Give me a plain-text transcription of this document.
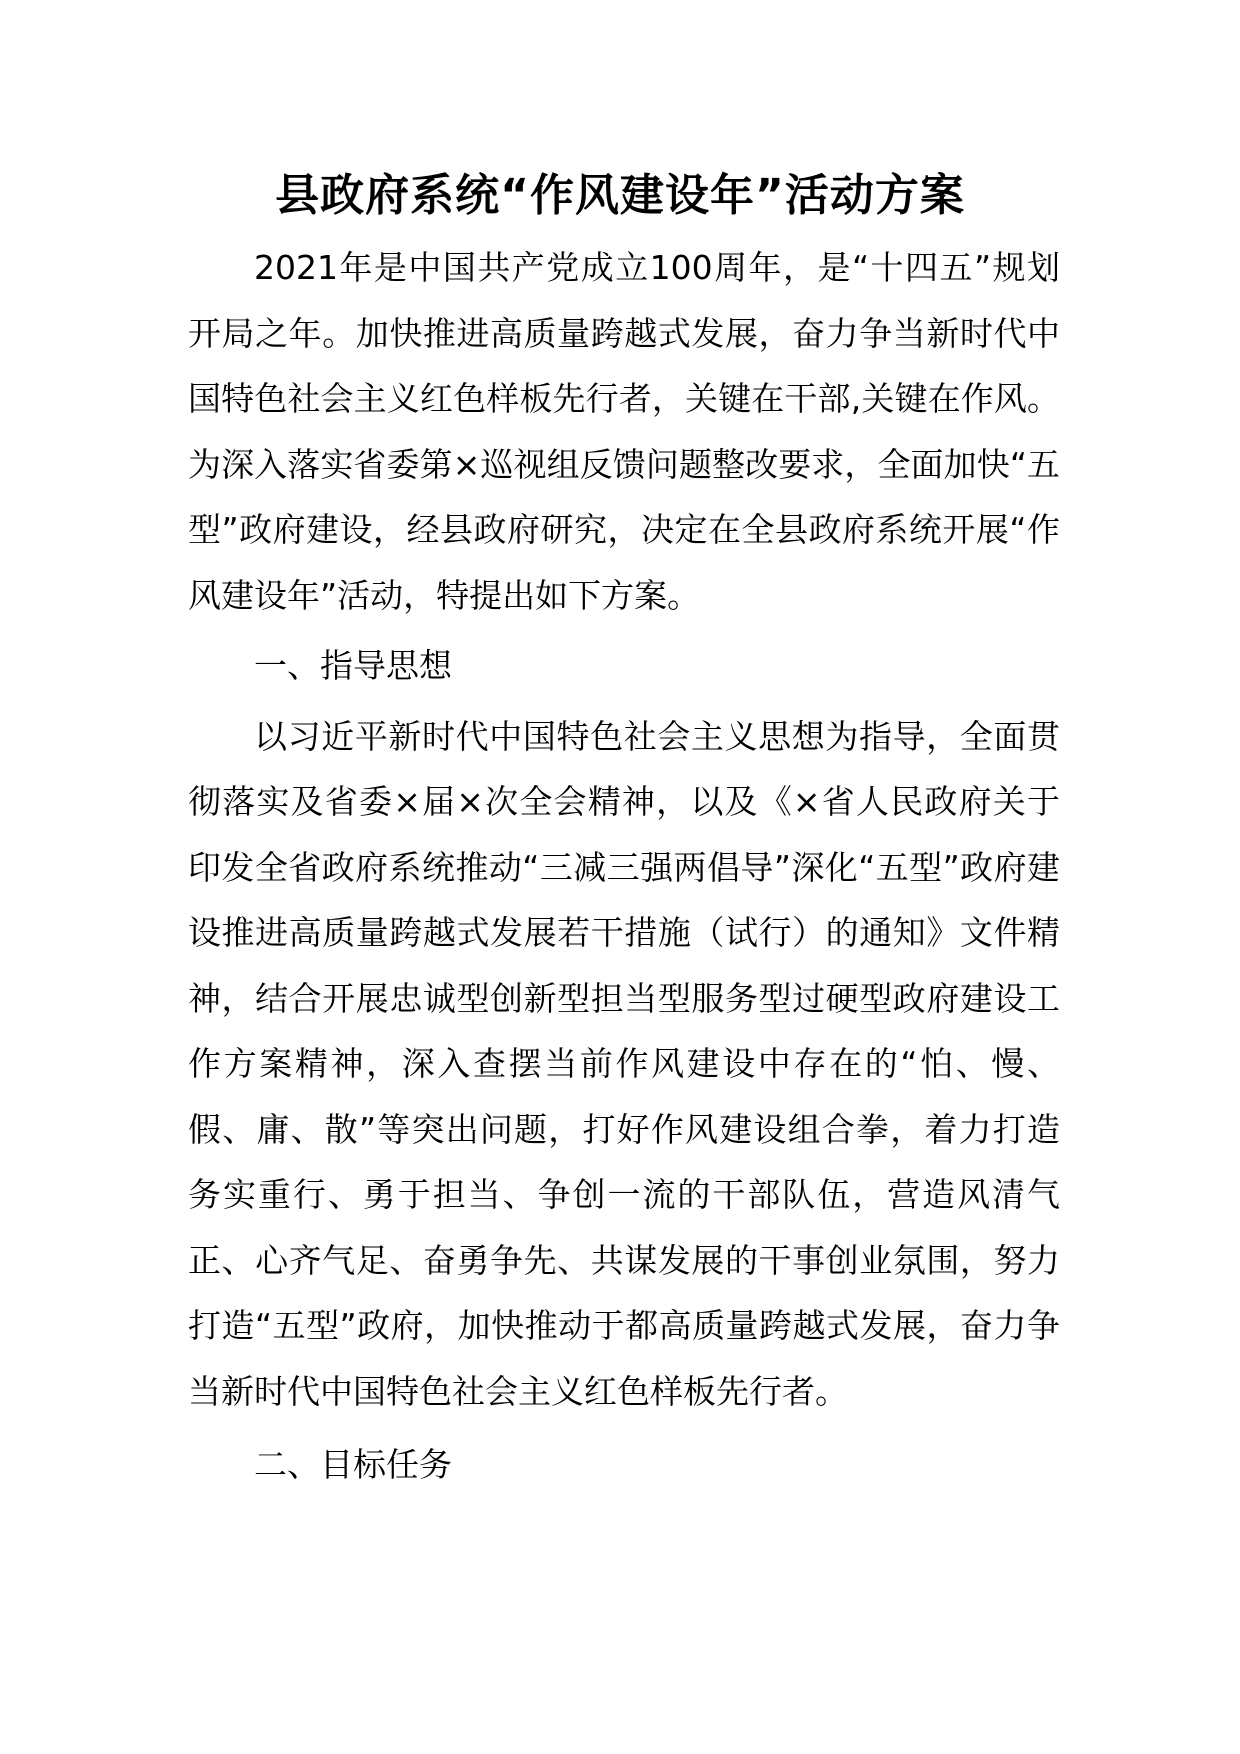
县政府系统“作风建设年”活动方案

2021年是中国共产党成立100周年，是“十四五”规划开局之年。加快推进高质量跨越式发展，奋力争当新时代中国特色社会主义红色样板先行者，关键在干部,关键在作风。为深入落实省委第×巡视组反馈问题整改要求，全面加快“五型”政府建设，经县政府研究，决定在全县政府系统开展“作风建设年”活动，特提出如下方案。

一、指导思想

以习近平新时代中国特色社会主义思想为指导，全面贯彻落实及省委×届×次全会精神，以及《×省人民政府关于印发全省政府系统推动“三减三强两倡导”深化“五型”政府建设推进高质量跨越式发展若干措施（试行）的通知》文件精神，结合开展忠诚型创新型担当型服务型过硬型政府建设工作方案精神，深入查摆当前作风建设中存在的“怕、慢、假、庸、散”等突出问题，打好作风建设组合拳，着力打造务实重行、勇于担当、争创一流的干部队伍，营造风清气正、心齐气足、奋勇争先、共谋发展的干事创业氛围，努力打造“五型”政府，加快推动于都高质量跨越式发展，奋力争当新时代中国特色社会主义红色样板先行者。

二、目标任务
